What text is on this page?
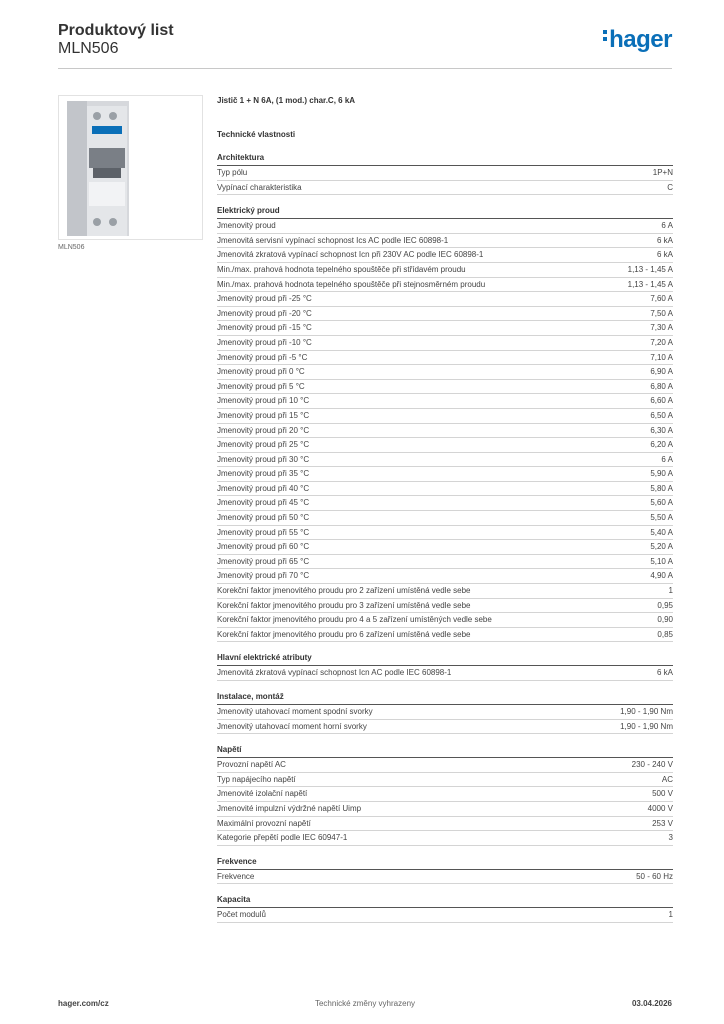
Produktový list
MLN506	hager
MLN506
Jistič 1 + N 6A, (1 mod.) char.C, 6 kA
Technické vlastnosti
Architektura
Typ pólu	1P+N
Vypínací charakteristika	C
Elektrický proud
Jmenovitý proud	6 A
Jmenovitá servisní vypínací schopnost Ics AC podle IEC 60898-1	6 kA
Jmenovitá zkratová vypínací schopnost Icn při 230V AC podle IEC 60898-1	6 kA
Min./max. prahová hodnota tepelného spouštěče při střídavém proudu	1,13 - 1,45 A
Min./max. prahová hodnota tepelného spouštěče při stejnosměrném proudu	1,13 - 1,45 A
Jmenovitý proud při -25 °C	7,60 A
Jmenovitý proud při -20 °C	7,50 A
Jmenovitý proud při -15 °C	7,30 A
Jmenovitý proud při -10 °C	7,20 A
Jmenovitý proud při -5 °C	7,10 A
Jmenovitý proud při 0 °C	6,90 A
Jmenovitý proud při 5 °C	6,80 A
Jmenovitý proud při 10 °C	6,60 A
Jmenovitý proud při 15 °C	6,50 A
Jmenovitý proud při 20 °C	6,30 A
Jmenovitý proud při 25 °C	6,20 A
Jmenovitý proud při 30 °C	6 A
Jmenovitý proud při 35 °C	5,90 A
Jmenovitý proud při 40 °C	5,80 A
Jmenovitý proud při 45 °C	5,60 A
Jmenovitý proud při 50 °C	5,50 A
Jmenovitý proud při 55 °C	5,40 A
Jmenovitý proud při 60 °C	5,20 A
Jmenovitý proud při 65 °C	5,10 A
Jmenovitý proud při 70 °C	4,90 A
Korekční faktor jmenovitého proudu pro 2 zařízení umístěná vedle sebe	1
Korekční faktor jmenovitého proudu pro 3 zařízení umístěná vedle sebe	0,95
Korekční faktor jmenovitého proudu pro 4 a 5 zařízení umístěných vedle sebe	0,90
Korekční faktor jmenovitého proudu pro 6 zařízení umístěná vedle sebe	0,85
Hlavní elektrické atributy
Jmenovitá zkratová vypínací schopnost Icn AC podle IEC 60898-1	6 kA
Instalace, montáž
Jmenovitý utahovací moment spodní svorky	1,90 - 1,90 Nm
Jmenovitý utahovací moment horní svorky	1,90 - 1,90 Nm
Napětí
Provozní napětí AC	230 - 240 V
Typ napájecího napětí	AC
Jmenovité izolační napětí	500 V
Jmenovité impulzní výdržné napětí Uimp	4000 V
Maximální provozní napětí	253 V
Kategorie přepětí podle IEC 60947-1	3
Frekvence
Frekvence	50 - 60 Hz
Kapacita
Počet modulů	1
hager.com/cz	Technické změny vyhrazeny	03.04.2026
